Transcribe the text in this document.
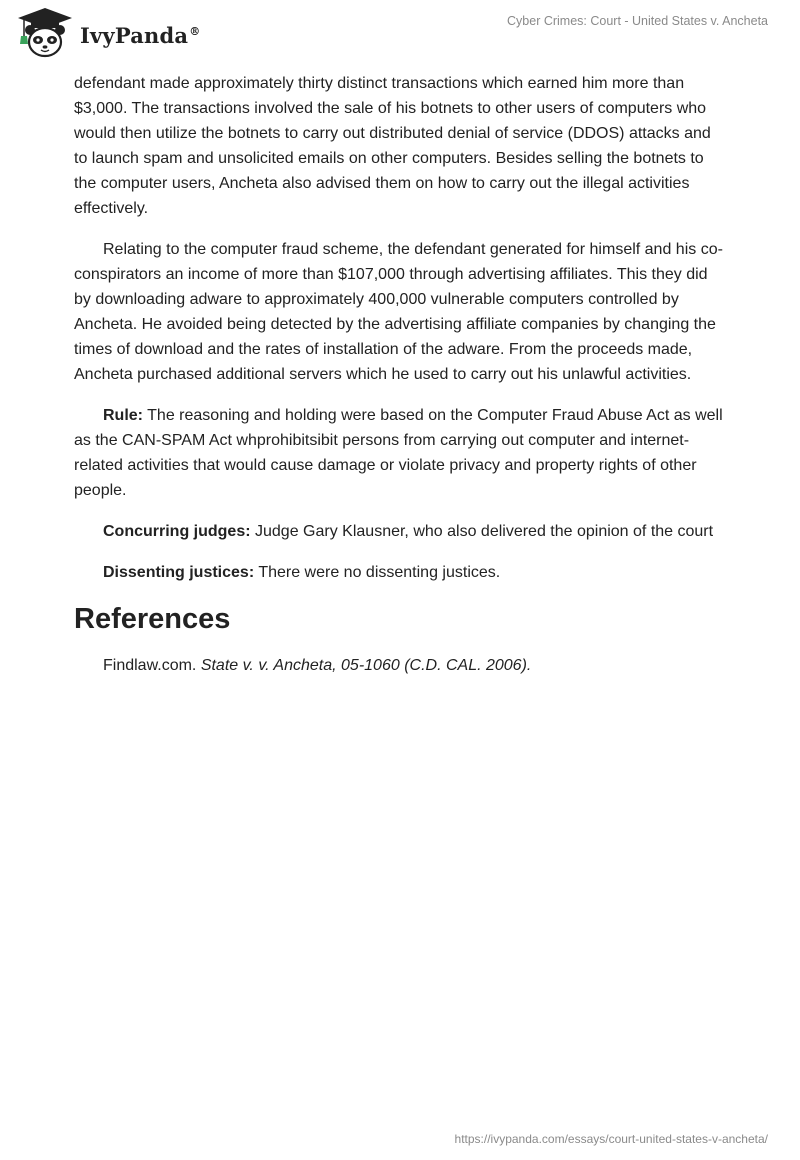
IvyPanda®
Cyber Crimes: Court - United States v. Ancheta

defendant made approximately thirty distinct transactions which earned him more than $3,000. The transactions involved the sale of his botnets to other users of computers who would then utilize the botnets to carry out distributed denial of service (DDOS) attacks and to launch spam and unsolicited emails on other computers. Besides selling the botnets to the computer users, Ancheta also advised them on how to carry out the illegal activities effectively.

Relating to the computer fraud scheme, the defendant generated for himself and his co-conspirators an income of more than $107,000 through advertising affiliates. This they did by downloading adware to approximately 400,000 vulnerable computers controlled by Ancheta. He avoided being detected by the advertising affiliate companies by changing the times of download and the rates of installation of the adware. From the proceeds made, Ancheta purchased additional servers which he used to carry out his unlawful activities.

Rule: The reasoning and holding were based on the Computer Fraud Abuse Act as well as the CAN-SPAM Act whprohibitsibit persons from carrying out computer and internet-related activities that would cause damage or violate privacy and property rights of other people.

Concurring judges: Judge Gary Klausner, who also delivered the opinion of the court

Dissenting justices: There were no dissenting justices.

References

Findlaw.com. State v. v. Ancheta, 05-1060 (C.D. CAL. 2006).

https://ivypanda.com/essays/court-united-states-v-ancheta/
